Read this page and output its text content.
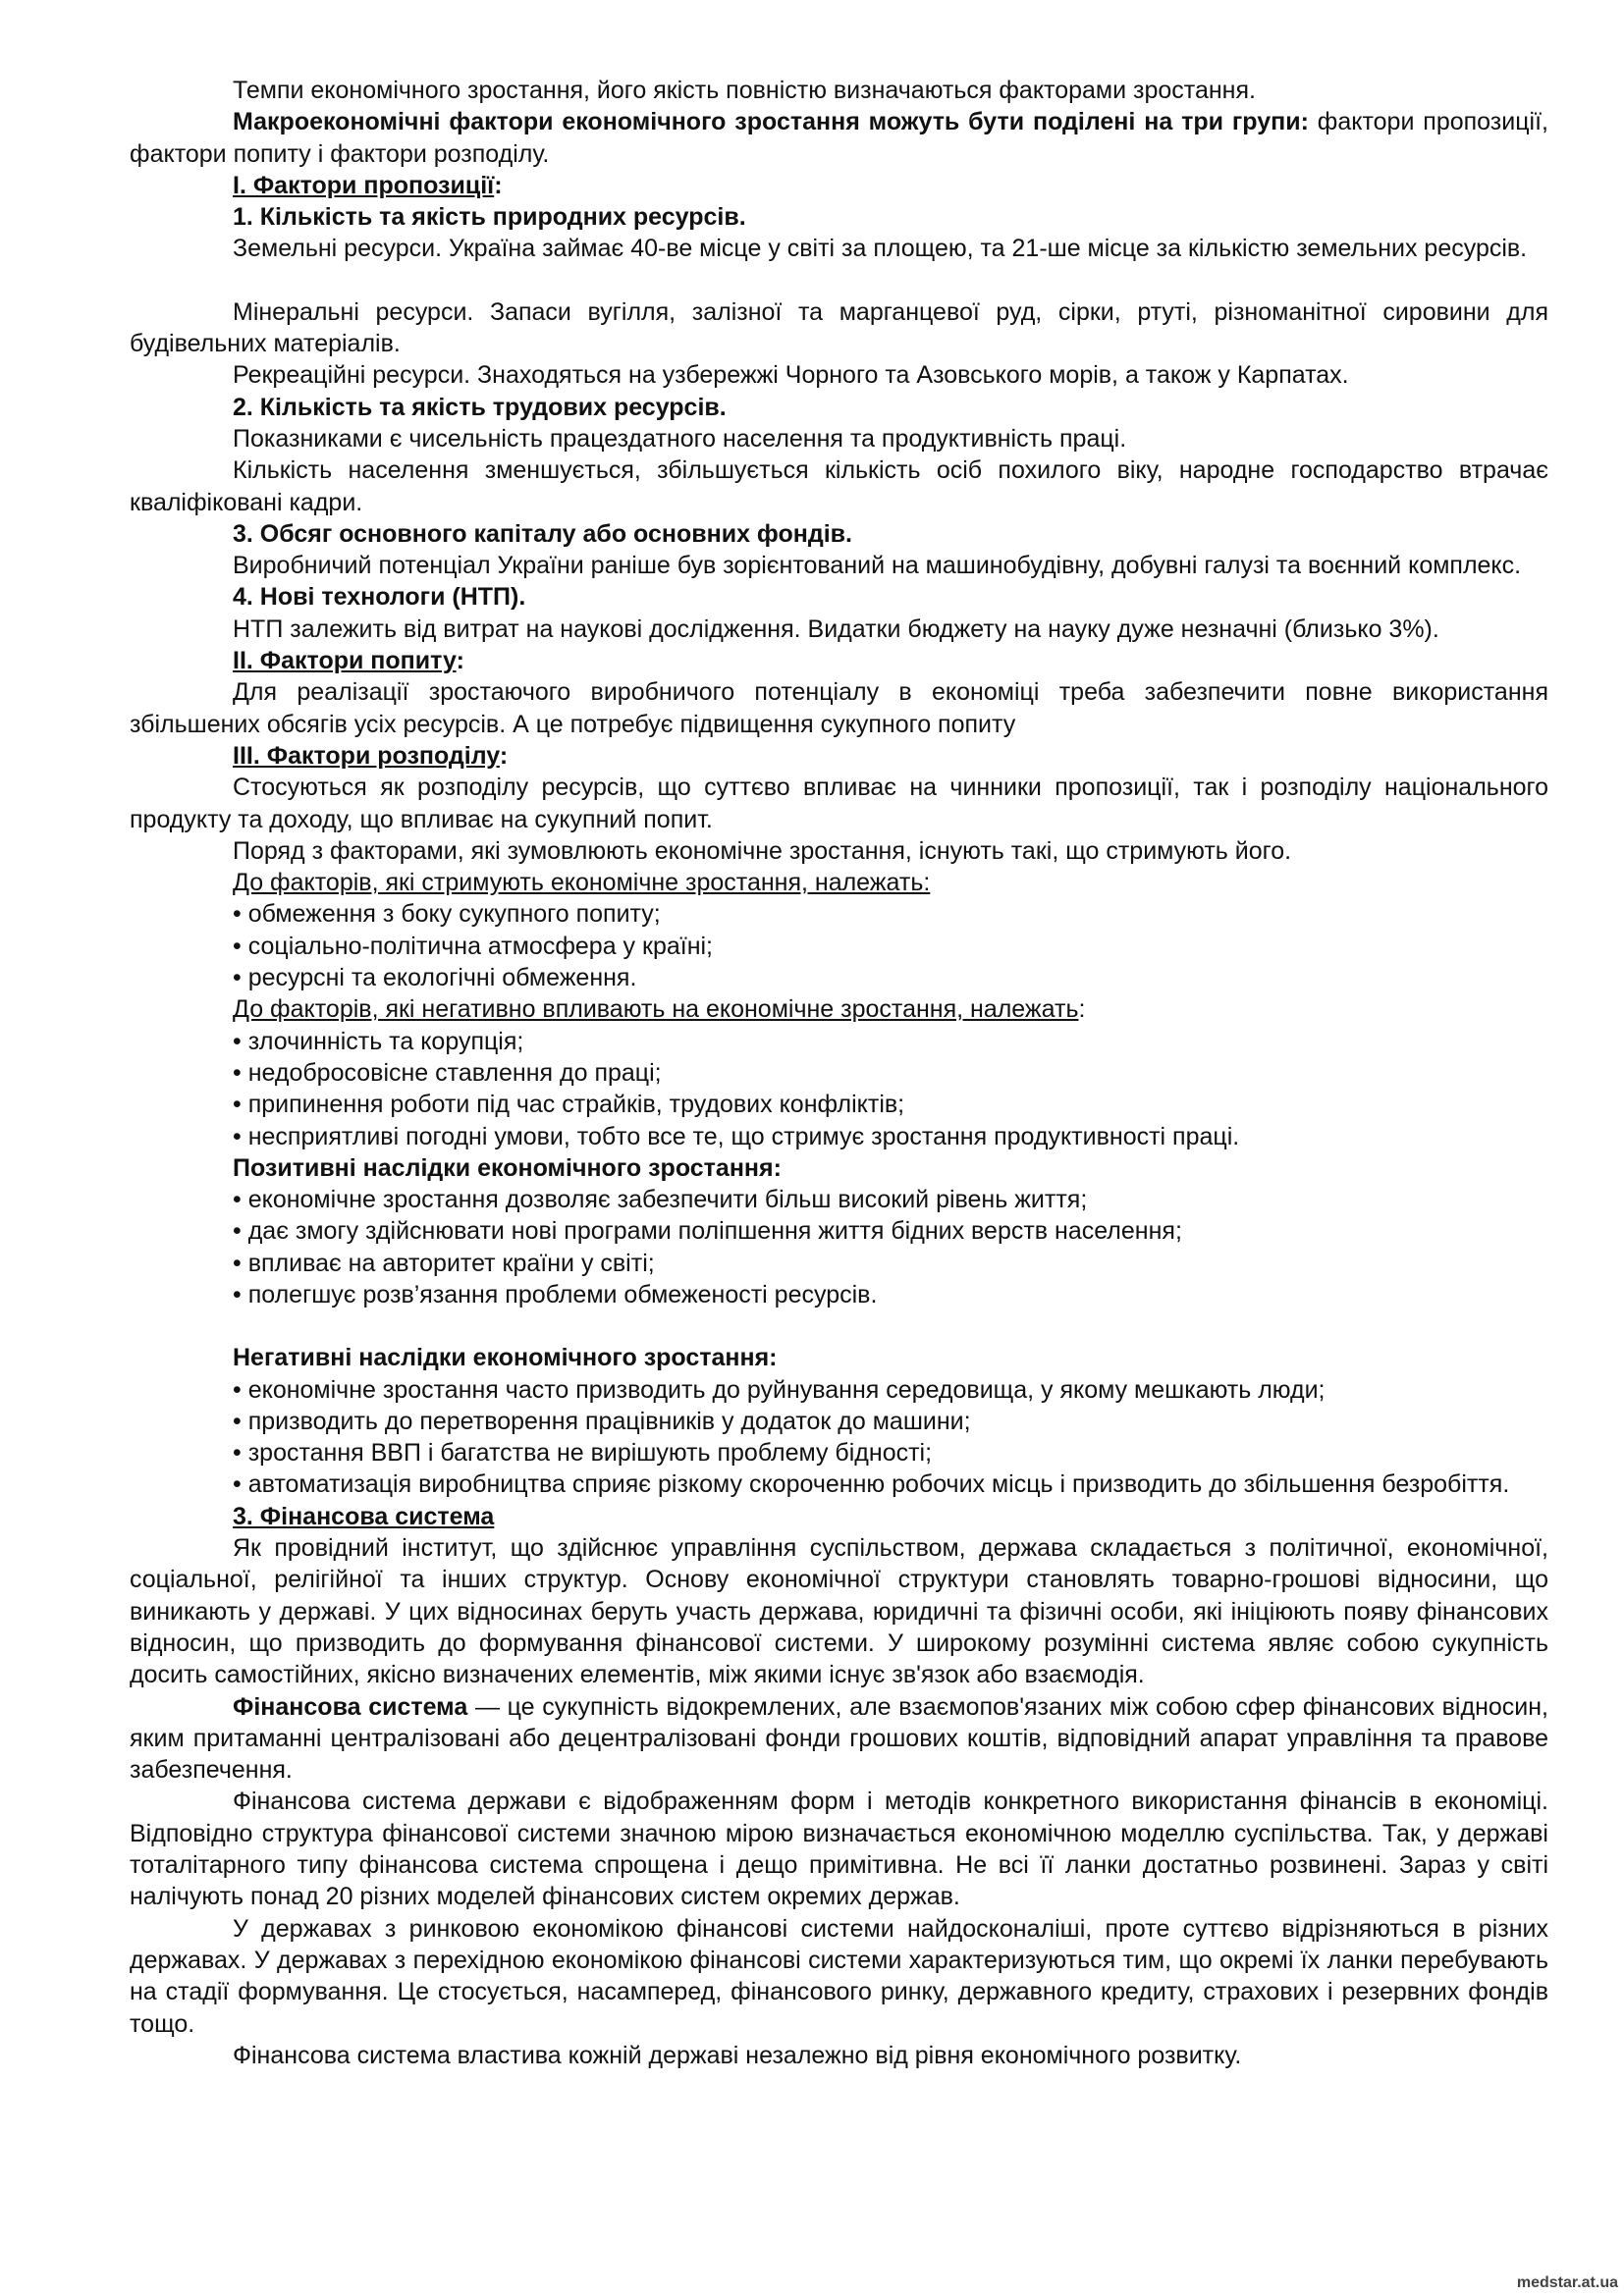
Темпи економічного зростання, його якість повністю визначаються факторами зростання.

Макроекономічні фактори економічного зростання можуть бути поділені на три групи: фактори пропозиції, фактори попиту і фактори розподілу.

I. Фактори пропозиції:

1. Кількість та якість природних ресурсів.

Земельні ресурси. Україна займає 40-ве місце у світі за площею, та 21-ше місце за кількістю земельних ресурсів.

Мінеральні ресурси. Запаси вугілля, залізної та марганцевої руд, сірки, ртуті, різноманітної сировини для будівельних матеріалів.

Рекреаційні ресурси. Знаходяться на узбережжі Чорного та Азовського морів, а також у Карпатах.

2. Кількість та якість трудових ресурсів.

Показниками є чисельність працездатного населення та продуктивність праці.

Кількість населення зменшується, збільшується кількість осіб похилого віку, народне господарство втрачає кваліфіковані кадри.

3. Обсяг основного капіталу або основних фондів.

Виробничий потенціал України раніше був зорієнтований на машинобудівну, добувні галузі та воєнний комплекс.

4. Нові технологи (НТП).

НТП залежить від витрат на наукові дослідження. Видатки бюджету на науку дуже незначні (близько 3%).

II. Фактори попиту:

Для реалізації зростаючого виробничого потенціалу в економіці треба забезпечити повне використання збільшених обсягів усіх ресурсів. А це потребує підвищення сукупного попиту

III. Фактори розподілу:

Стосуються як розподілу ресурсів, що суттєво впливає на чинники пропозиції, так і розподілу національного продукту та доходу, що впливає на сукупний попит.

Поряд з факторами, які зумовлюють економічне зростання, існують такі, що стримують його.

До факторів, які стримують економічне зростання, належать:

• обмеження з боку сукупного попиту;

• соціально-політична атмосфера у країні;

• ресурсні та екологічні обмеження.

До факторів, які негативно впливають на економічне зростання, належать:

• злочинність та корупція;

• недобросовісне ставлення до праці;

• припинення роботи під час страйків, трудових конфліктів;

• несприятливі погодні умови, тобто все те, що стримує зростання продуктивності праці.

Позитивні наслідки економічного зростання:

• економічне зростання дозволяє забезпечити більш високий рівень життя;

• дає змогу здійснювати нові програми поліпшення життя бідних верств населення;

• впливає на авторитет країни у світі;

• полегшує розв’язання проблеми обмеженості ресурсів.

Негативні наслідки економічного зростання:

• економічне зростання часто призводить до руйнування середовища, у якому мешкають люди;

• призводить до перетворення працівників у додаток до машини;

• зростання ВВП і багатства не вирішують проблему бідності;

• автоматизація виробництва сприяє різкому скороченню робочих місць і призводить до збільшення безробіття.

3. Фінансова система

Як провідний інститут, що здійснює управління суспільством, держава складається з політичної, економічної, соціальної, релігійної та інших структур. Основу економічної структури становлять товарно-грошові відносини, що виникають у державі. У цих відносинах беруть участь держава, юридичні та фізичні особи, які ініціюють появу фінансових відносин, що призводить до формування фінансової системи. У широкому розумінні система являє собою сукупність досить самостійних, якісно визначених елементів, між якими існує зв'язок або взаємодія.

Фінансова система — це сукупність відокремлених, але взаємопов'язаних між собою сфер фінансових відносин, яким притаманні централізовані або децентралізовані фонди грошових коштів, відповідний апарат управління та правове забезпечення.

Фінансова система держави є відображенням форм і методів конкретного використання фінансів в економіці. Відповідно структура фінансової системи значною мірою визначається економічною моделлю суспільства. Так, у державі тоталітарного типу фінансова система спрощена і дещо примітивна. Не всі її ланки достатньо розвинені. Зараз у світі налічують понад 20 різних моделей фінансових систем окремих держав.

У державах з ринковою економікою фінансові системи найдосконаліші, проте суттєво відрізняються в різних державах. У державах з перехідною економікою фінансові системи характеризуються тим, що окремі їх ланки перебувають на стадії формування. Це стосується, насамперед, фінансового ринку, державного кредиту, страхових і резервних фондів тощо.

Фінансова система властива кожній державі незалежно від рівня економічного розвитку.

medstar.at.ua
